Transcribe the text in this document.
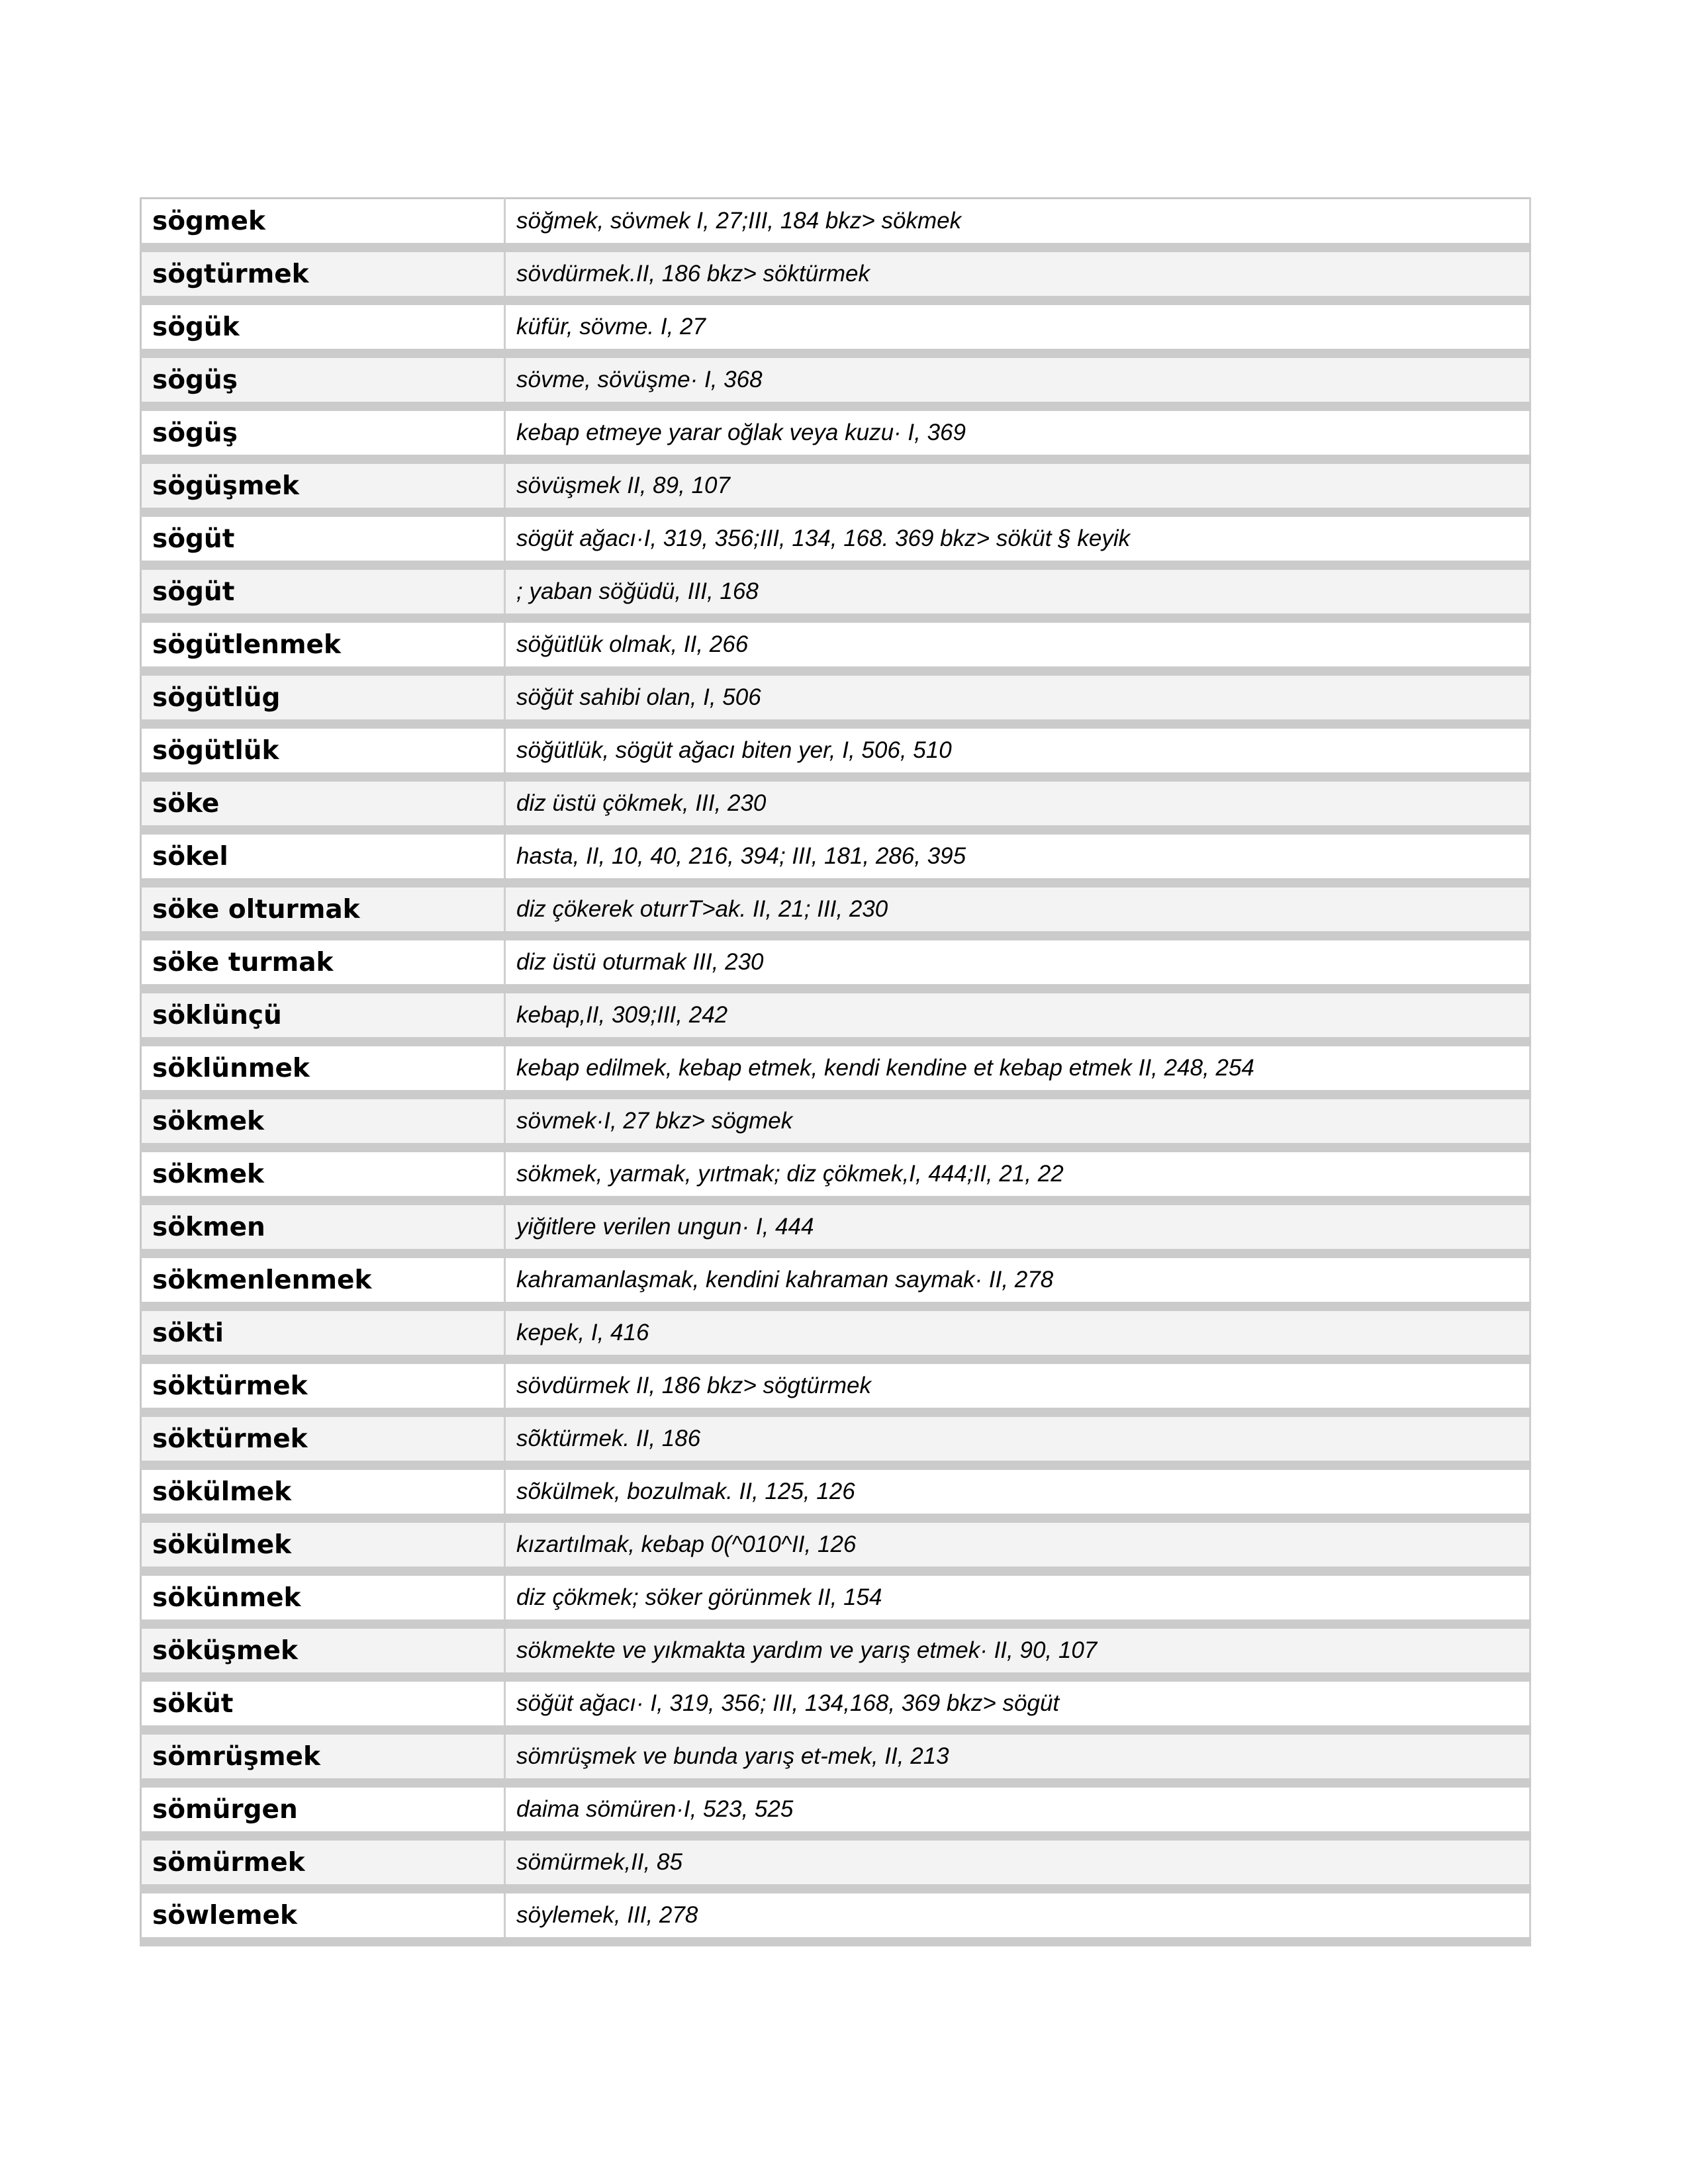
sögmek	söğmek, sövmek I, 27;III, 184 bkz> sökmek
sögtürmek	sövdürmek.II, 186 bkz> söktürmek
sögük	küfür, sövme. I, 27
sögüş	sövme, sövüşme· I, 368
sögüş	kebap etmeye yarar oğlak veya kuzu· I, 369
sögüşmek	sövüşmek II, 89, 107
sögüt	sögüt ağacı·I, 319, 356;III, 134, 168. 369 bkz> söküt § keyik
sögüt	; yaban söğüdü, III, 168
sögütlenmek	söğütlük olmak, II, 266
sögütlüg	söğüt sahibi olan, I, 506
sögütlük	söğütlük, sögüt ağacı biten yer, I, 506, 510
söke	diz üstü çökmek, III, 230
sökel	hasta, II, 10, 40, 216, 394; III, 181, 286, 395
söke olturmak	diz çökerek oturrT>ak. II, 21; III, 230
söke turmak	diz üstü oturmak III, 230
söklünçü	kebap,II, 309;III, 242
söklünmek	kebap edilmek, kebap etmek, kendi kendine et kebap etmek II, 248, 254
sökmek	sövmek·I, 27 bkz> sögmek
sökmek	sökmek, yarmak, yırtmak; diz çökmek,I, 444;II, 21, 22
sökmen	yiğitlere verilen ungun· I, 444
sökmenlenmek	kahramanlaşmak, kendini kahraman saymak· II, 278
sökti	kepek, I, 416
söktürmek	sövdürmek II, 186 bkz> sögtürmek
söktürmek	sõktürmek. II, 186
sökülmek	sõkülmek, bozulmak. II, 125, 126
sökülmek	kızartılmak, kebap 0(^010^II, 126
sökünmek	diz çökmek; söker görünmek II, 154
söküşmek	sökmekte ve yıkmakta yardım ve yarış etmek· II, 90, 107
söküt	söğüt ağacı· I, 319, 356; III, 134,168, 369 bkz> sögüt
sömrüşmek	sömrüşmek ve bunda yarış et-mek, II, 213
sömürgen	daima sömüren·I, 523, 525
sömürmek	sömürmek,II, 85
söwlemek	söylemek, III, 278
